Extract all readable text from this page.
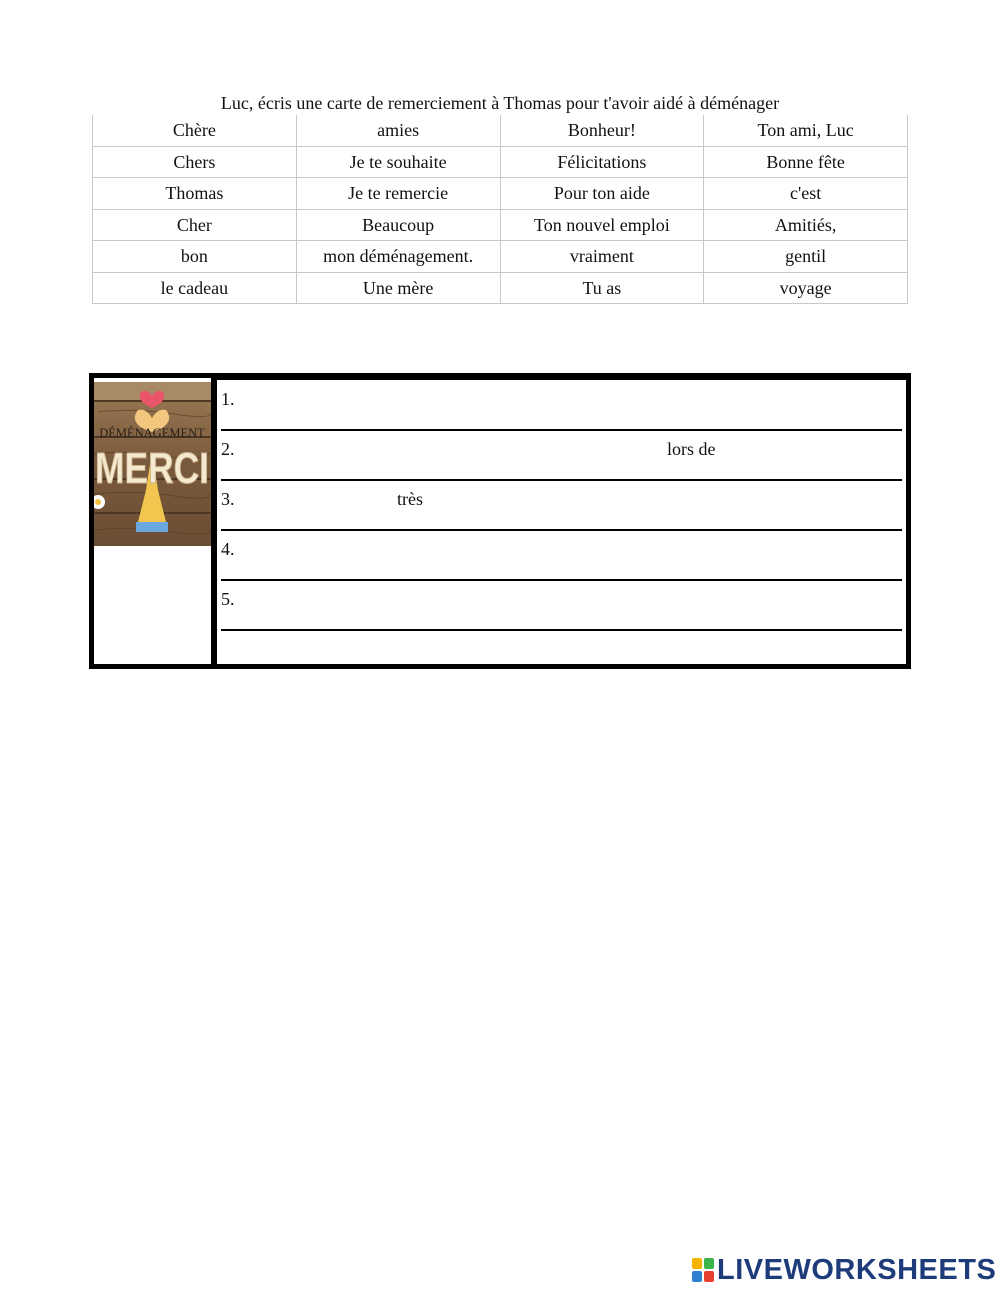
Luc, écris une carte de remerciement à Thomas pour t'avoir aidé à déménager
Chère	amies	Bonheur!	Ton ami, Luc
Chers	Je te souhaite	Félicitations	Bonne fête
Thomas	Je te remercie	Pour ton aide	c'est
Cher	Beaucoup	Ton nouvel emploi	Amitiés,
bon	mon déménagement.	vraiment	gentil
le cadeau	Une mère	Tu as	voyage
DÉMÉNAGEMENT
MERCI
1.
2.	lors de
3.	très
4.
5.
LIVEWORKSHEETS
